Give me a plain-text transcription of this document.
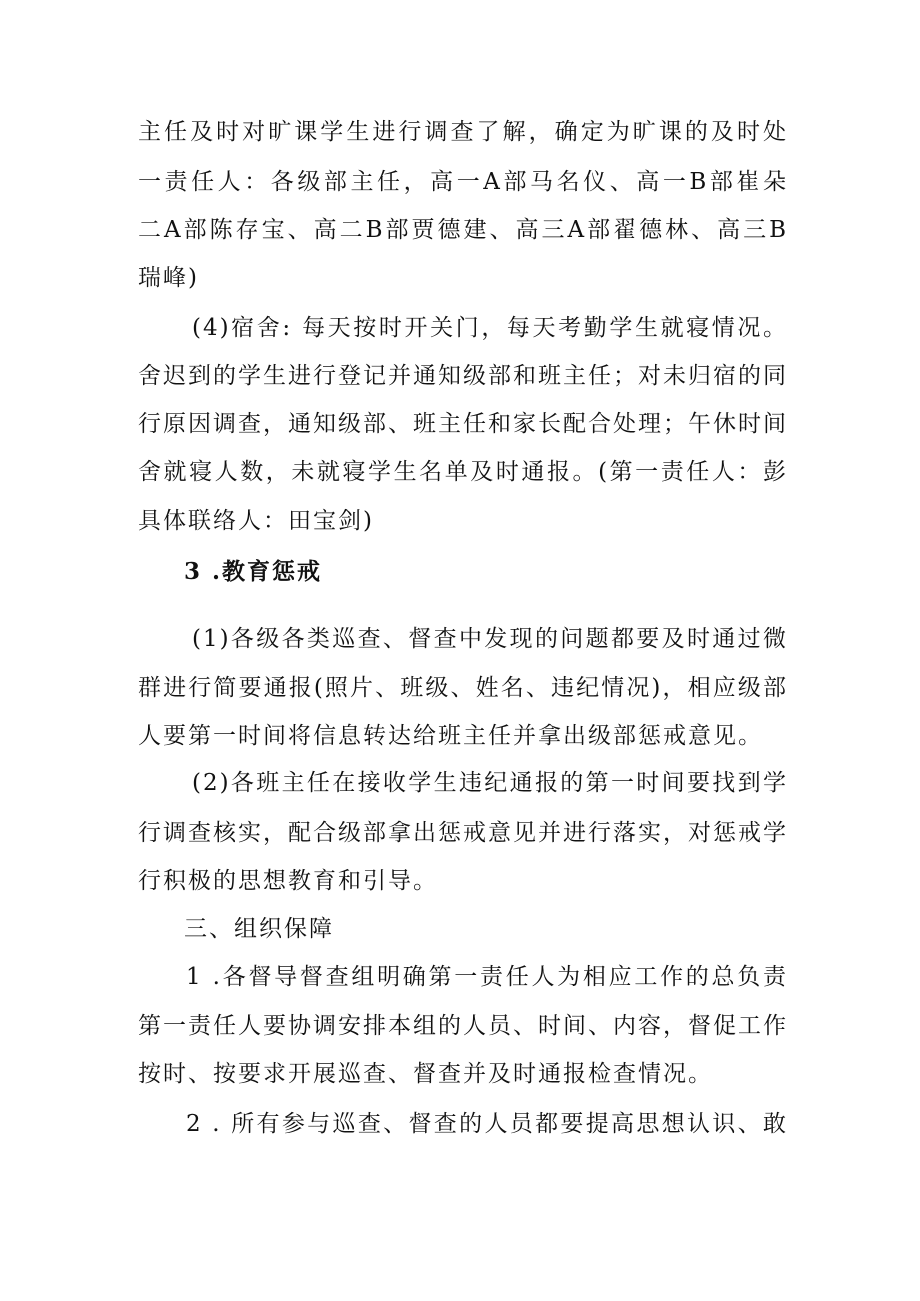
主任及时对旷课学生进行调查了解，确定为旷课的及时处
一责任人：各级部主任，高一A部马名仪、高一B部崔朵
二A部陈存宝、高二B部贾德建、高三A部翟德林、高三B
瑞峰)
(4)宿舍: 每天按时开关门，每天考勤学生就寝情况。
舍迟到的学生进行登记并通知级部和班主任；对未归宿的同
行原因调查，通知级部、班主任和家长配合处理；午休时间
舍就寝人数，未就寝学生名单及时通报。(第一责任人：彭
具体联络人：田宝剑)
3 .教育惩戒
(1)各级各类巡查、督查中发现的问题都要及时通过微
群进行简要通报(照片、班级、姓名、违纪情况)，相应级部
人要第一时间将信息转达给班主任并拿出级部惩戒意见。
(2)各班主任在接收学生违纪通报的第一时间要找到学
行调查核实，配合级部拿出惩戒意见并进行落实，对惩戒学
行积极的思想教育和引导。
三、组织保障
1 .各督导督查组明确第一责任人为相应工作的总负责
第一责任人要协调安排本组的人员、时间、内容，督促工作
按时、按要求开展巡查、督查并及时通报检查情况。
2 . 所有参与巡查、督查的人员都要提高思想认识、敢
